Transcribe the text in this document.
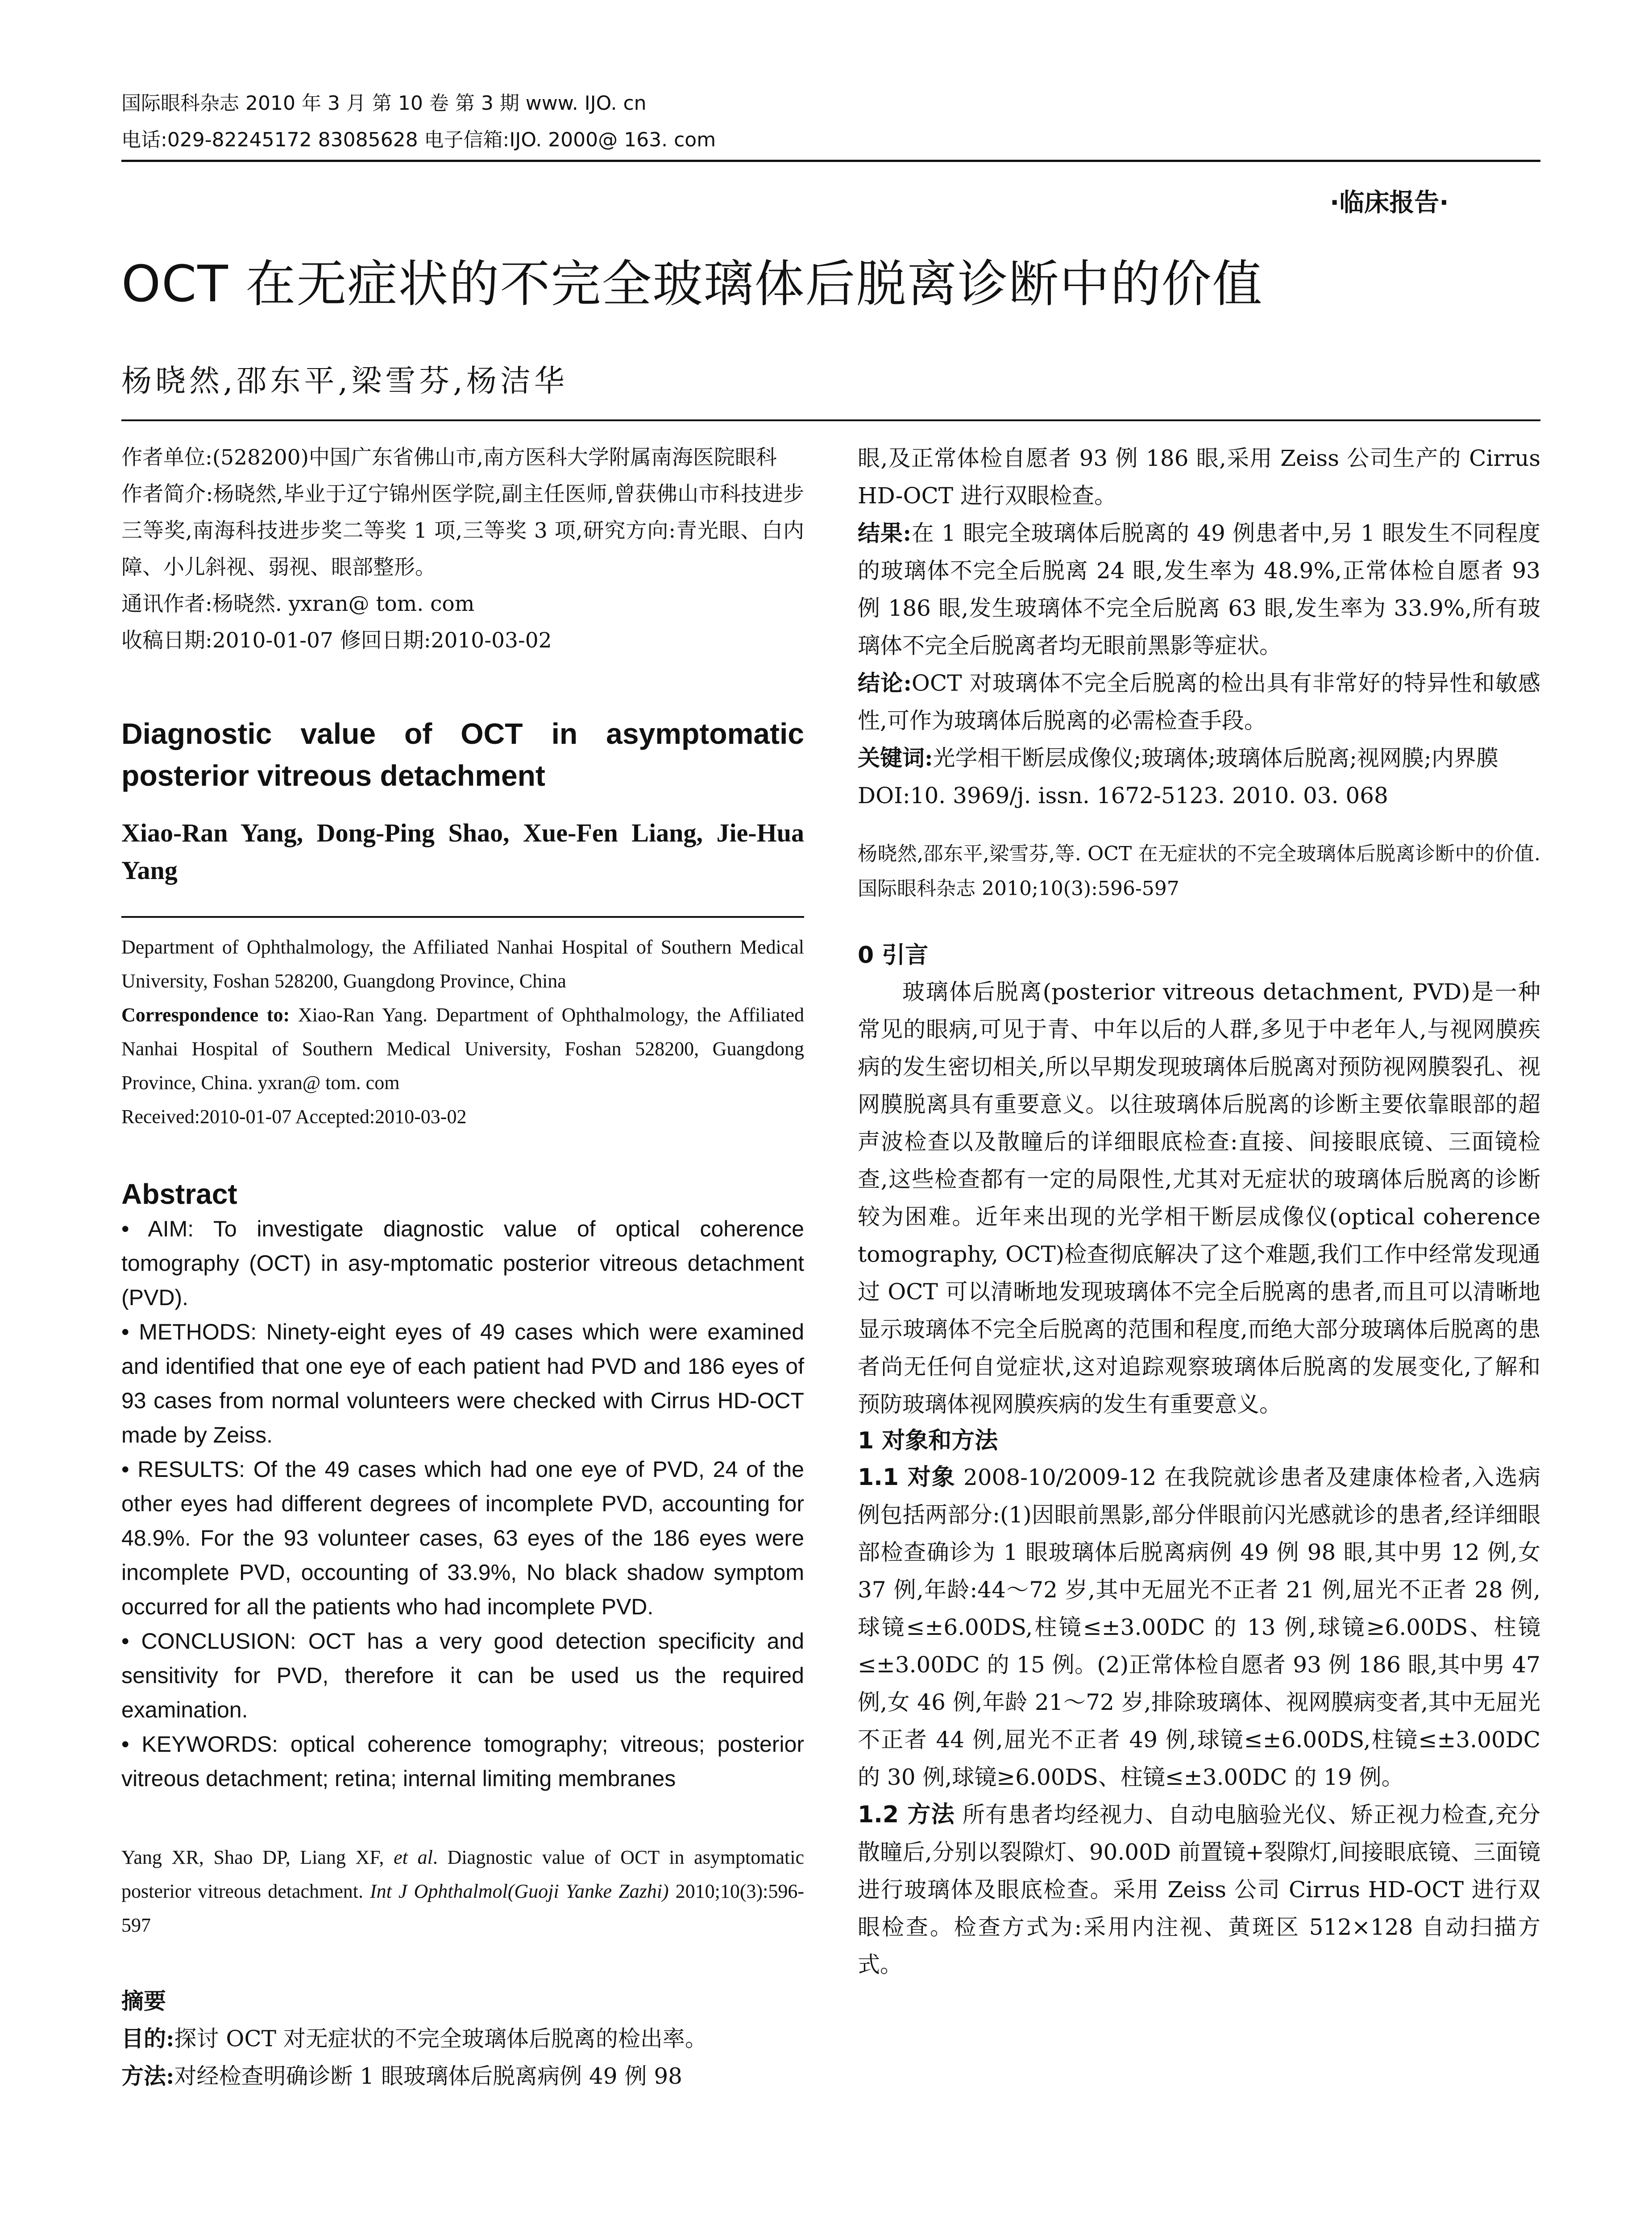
国际眼科杂志 2010 年 3 月 第 10 卷 第 3 期 www. IJO. cn
电话:029-82245172 83085628 电子信箱:IJO. 2000@ 163. com
·临床报告·
OCT 在无症状的不完全玻璃体后脱离诊断中的价值
杨晓然,邵东平,梁雪芬,杨洁华

作者单位:(528200)中国广东省佛山市,南方医科大学附属南海医院眼科

作者简介:杨晓然,毕业于辽宁锦州医学院,副主任医师,曾获佛山市科技进步三等奖,南海科技进步奖二等奖 1 项,三等奖 3 项,研究方向:青光眼、白内障、小儿斜视、弱视、眼部整形。

通讯作者:杨晓然. yxran@ tom. com

收稿日期:2010-01-07 修回日期:2010-03-02

Diagnostic value of OCT in asymptomatic posterior vitreous detachment
Xiao-Ran Yang, Dong-Ping Shao, Xue-Fen Liang, Jie-Hua Yang
Department of Ophthalmology, the Affiliated Nanhai Hospital of Southern Medical University, Foshan 528200, Guangdong Province, China
Correspondence to: Xiao-Ran Yang. Department of Ophthalmology, the Affiliated Nanhai Hospital of Southern Medical University, Foshan 528200, Guangdong Province, China. yxran@ tom. com
Received:2010-01-07 Accepted:2010-03-02
Abstract

• AIM: To investigate diagnostic value of optical coherence tomography (OCT) in asy-mptomatic posterior vitreous detachment (PVD).

• METHODS: Ninety-eight eyes of 49 cases which were examined and identified that one eye of each patient had PVD and 186 eyes of 93 cases from normal volunteers were checked with Cirrus HD-OCT made by Zeiss.

• RESULTS: Of the 49 cases which had one eye of PVD, 24 of the other eyes had different degrees of incomplete PVD, accounting for 48.9%. For the 93 volunteer cases, 63 eyes of the 186 eyes were incomplete PVD, occounting of 33.9%, No black shadow symptom occurred for all the patients who had incomplete PVD.

• CONCLUSION: OCT has a very good detection specificity and sensitivity for PVD, therefore it can be used us the required examination.

• KEYWORDS: optical coherence tomography; vitreous; posterior vitreous detachment; retina; internal limiting membranes

Yang XR, Shao DP, Liang XF, et al. Diagnostic value of OCT in asymptomatic posterior vitreous detachment. Int J Ophthalmol(Guoji Yanke Zazhi) 2010;10(3):596-597

摘要

目的:探讨 OCT 对无症状的不完全玻璃体后脱离的检出率。

方法:对经检查明确诊断 1 眼玻璃体后脱离病例 49 例 98

眼,及正常体检自愿者 93 例 186 眼,采用 Zeiss 公司生产的 Cirrus HD-OCT 进行双眼检查。

结果:在 1 眼完全玻璃体后脱离的 49 例患者中,另 1 眼发生不同程度的玻璃体不完全后脱离 24 眼,发生率为 48.9%,正常体检自愿者 93 例 186 眼,发生玻璃体不完全后脱离 63 眼,发生率为 33.9%,所有玻璃体不完全后脱离者均无眼前黑影等症状。

结论:OCT 对玻璃体不完全后脱离的检出具有非常好的特异性和敏感性,可作为玻璃体后脱离的必需检查手段。

关键词:光学相干断层成像仪;玻璃体;玻璃体后脱离;视网膜;内界膜

DOI:10. 3969/j. issn. 1672-5123. 2010. 03. 068

杨晓然,邵东平,梁雪芬,等. OCT 在无症状的不完全玻璃体后脱离诊断中的价值. 国际眼科杂志 2010;10(3):596-597
0 引言
玻璃体后脱离(posterior vitreous detachment, PVD)是一种常见的眼病,可见于青、中年以后的人群,多见于中老年人,与视网膜疾病的发生密切相关,所以早期发现玻璃体后脱离对预防视网膜裂孔、视网膜脱离具有重要意义。以往玻璃体后脱离的诊断主要依靠眼部的超声波检查以及散瞳后的详细眼底检查:直接、间接眼底镜、三面镜检查,这些检查都有一定的局限性,尤其对无症状的玻璃体后脱离的诊断较为困难。近年来出现的光学相干断层成像仪(optical coherence tomography, OCT)检查彻底解决了这个难题,我们工作中经常发现通过 OCT 可以清晰地发现玻璃体不完全后脱离的患者,而且可以清晰地显示玻璃体不完全后脱离的范围和程度,而绝大部分玻璃体后脱离的患者尚无任何自觉症状,这对追踪观察玻璃体后脱离的发展变化,了解和预防玻璃体视网膜疾病的发生有重要意义。
1 对象和方法
1.1 对象 2008-10/2009-12 在我院就诊患者及建康体检者,入选病例包括两部分:(1)因眼前黑影,部分伴眼前闪光感就诊的患者,经详细眼部检查确诊为 1 眼玻璃体后脱离病例 49 例 98 眼,其中男 12 例,女 37 例,年龄:44～72 岁,其中无屈光不正者 21 例,屈光不正者 28 例,球镜≤±6.00DS,柱镜≤±3.00DC 的 13 例,球镜≥6.00DS、柱镜≤±3.00DC 的 15 例。(2)正常体检自愿者 93 例 186 眼,其中男 47 例,女 46 例,年龄 21～72 岁,排除玻璃体、视网膜病变者,其中无屈光不正者 44 例,屈光不正者 49 例,球镜≤±6.00DS,柱镜≤±3.00DC 的 30 例,球镜≥6.00DS、柱镜≤±3.00DC 的 19 例。
1.2 方法 所有患者均经视力、自动电脑验光仪、矫正视力检查,充分散瞳后,分别以裂隙灯、90.00D 前置镜+裂隙灯,间接眼底镜、三面镜进行玻璃体及眼底检查。采用 Zeiss 公司 Cirrus HD-OCT 进行双眼检查。检查方式为:采用内注视、黄斑区 512×128 自动扫描方式。
